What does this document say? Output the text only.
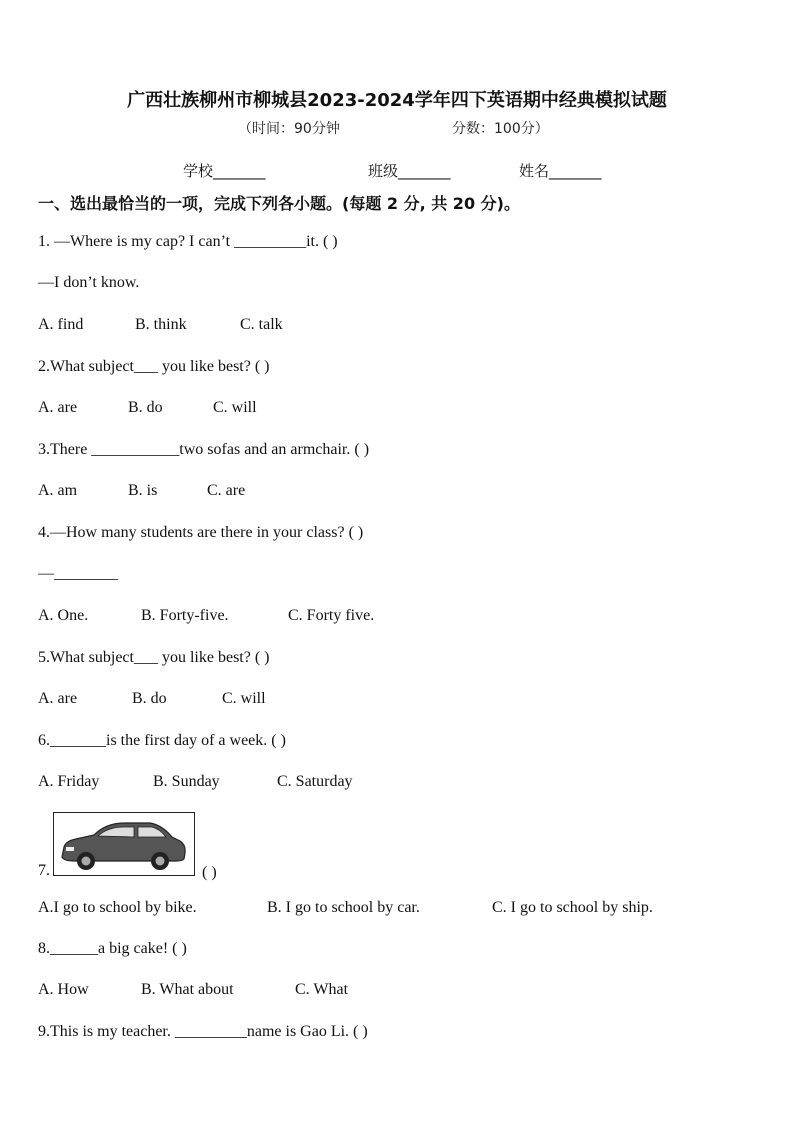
广西壮族柳州市柳城县2023-2024学年四下英语期中经典模拟试题
（时间：90分钟	分数：100分）
学校_______	班级_______	姓名_______
一、选出最恰当的一项，完成下列各小题。(每题 2 分, 共 20 分)。
1. —Where is my cap? I can’t _________it. ( )
—I don’t know.
A. find	B. think	C. talk
2.What subject___ you like best? ( )
A. are	B. do	C. will
3.There ___________two sofas and an armchair. ( )
A. am	B. is	C. are
4.—How many students are there in your class? ( )
—________
A. One.	B. Forty-five.	C. Forty five.
5.What subject___ you like best? ( )
A. are	B. do	C. will
6._______is the first day of a week. ( )
A. Friday	B. Sunday	C. Saturday
7.	( )
A.I go to school by bike.	B. I go to school by car.	C. I go to school by ship.
8.______a big cake! ( )
A. How	B. What about	C. What
9.This is my teacher. _________name is Gao Li. ( )
